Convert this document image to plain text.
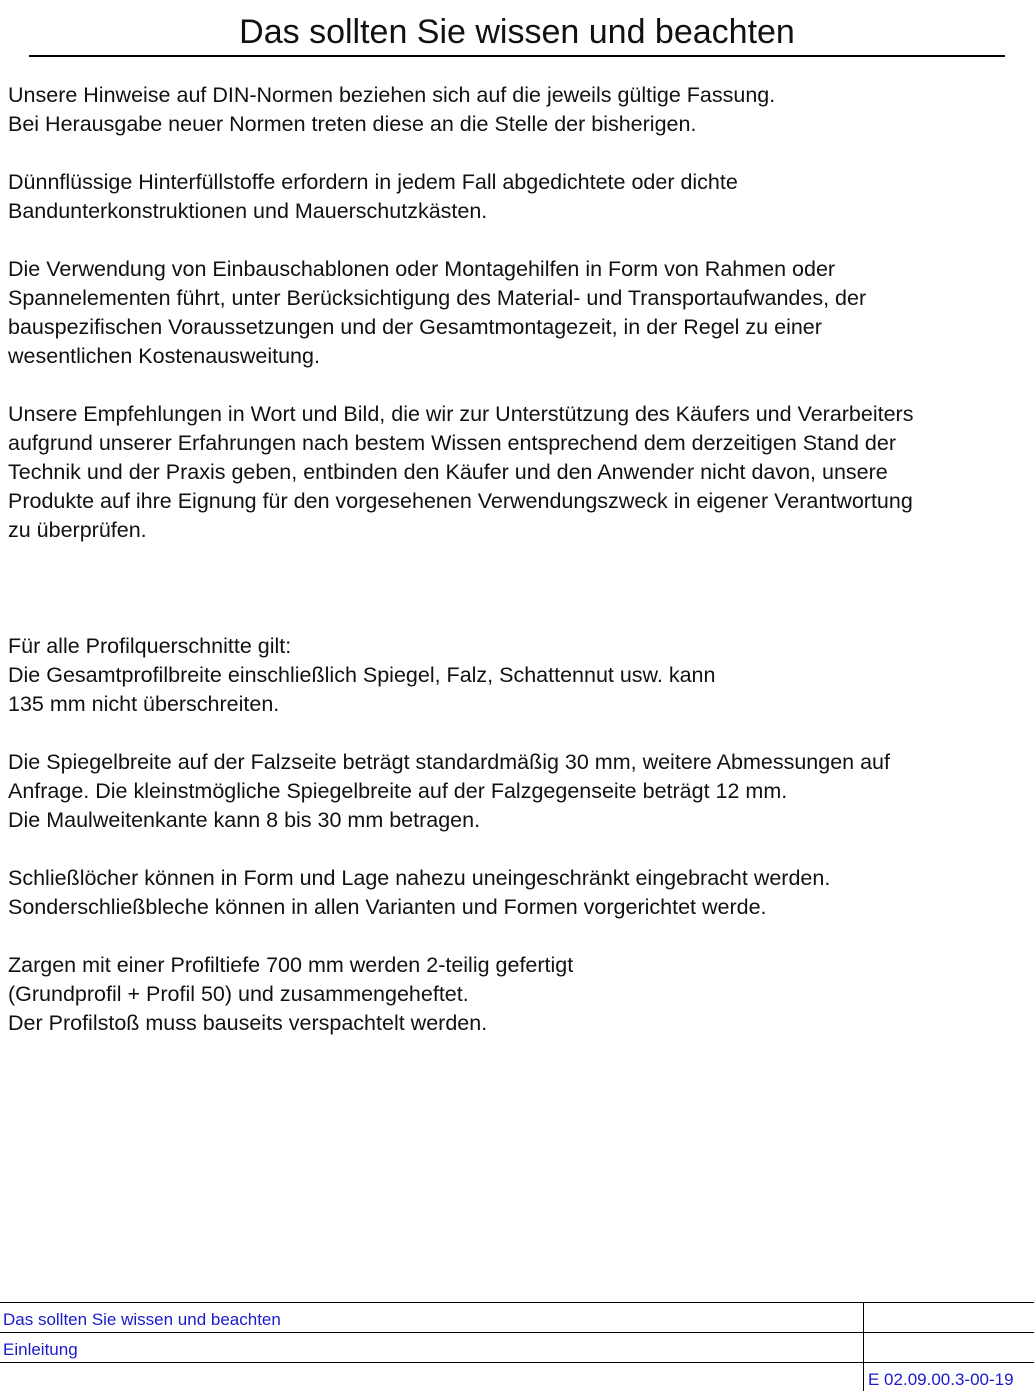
Das sollten Sie wissen und beachten
Unsere Hinweise auf DIN-Normen beziehen sich auf die jeweils gültige Fassung.
Bei Herausgabe neuer Normen treten diese an die Stelle der bisherigen.
Dünnflüssige Hinterfüllstoffe erfordern in jedem Fall abgedichtete oder dichte
Bandunterkonstruktionen und Mauerschutzkästen.
Die Verwendung von Einbauschablonen oder Montagehilfen in Form von Rahmen oder
Spannelementen führt, unter Berücksichtigung des Material- und Transportaufwandes, der
bauspezifischen Voraussetzungen und der Gesamtmontagezeit, in der Regel zu einer
wesentlichen Kostenausweitung.
Unsere Empfehlungen in Wort und Bild, die wir zur Unterstützung des Käufers und Verarbeiters
aufgrund unserer Erfahrungen nach bestem Wissen entsprechend dem derzeitigen Stand der
Technik und der Praxis geben, entbinden den Käufer und den Anwender nicht davon, unsere
Produkte auf ihre Eignung für den vorgesehenen Verwendungszweck in eigener Verantwortung
zu überprüfen.
Für alle Profilquerschnitte gilt:
Die Gesamtprofilbreite einschließlich Spiegel, Falz, Schattennut usw. kann
135 mm nicht überschreiten.
Die Spiegelbreite auf der Falzseite beträgt standardmäßig 30 mm, weitere Abmessungen auf
Anfrage. Die kleinstmögliche Spiegelbreite auf der Falzgegenseite beträgt 12 mm.
Die Maulweitenkante kann 8 bis 30 mm betragen.
Schließlöcher können in Form und Lage nahezu uneingeschränkt eingebracht werden.
Sonderschließbleche können in allen Varianten und Formen vorgerichtet werde.
Zargen mit einer Profiltiefe 700 mm werden 2-teilig gefertigt
(Grundprofil + Profil 50) und zusammengeheftet.
Der Profilstoß muss bauseits verspachtelt werden.
Das sollten Sie wissen und beachten
Einleitung
E 02.09.00.3-00-19
